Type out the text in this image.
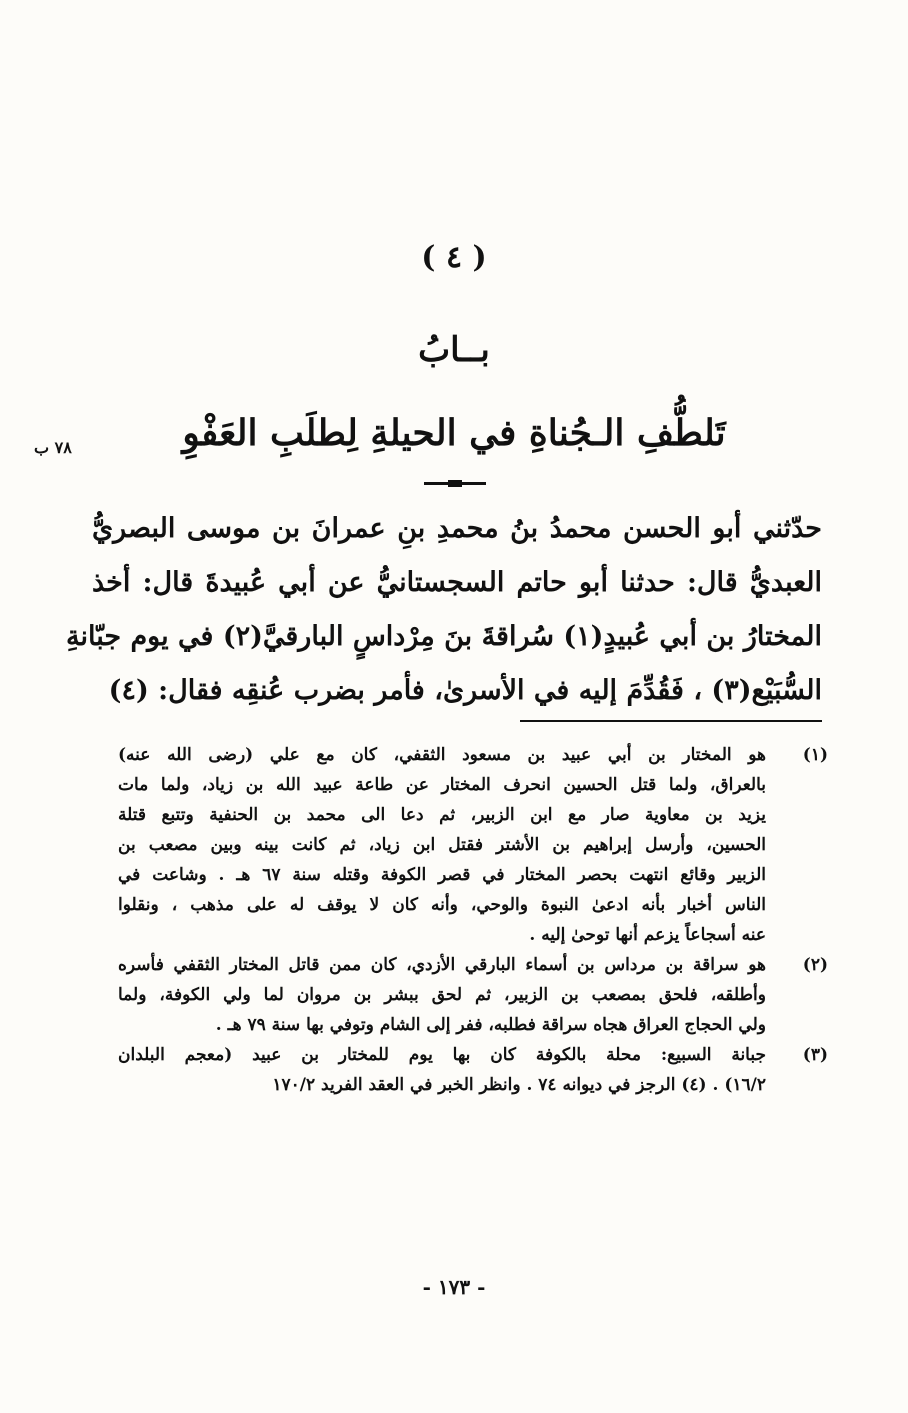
( ٤ )
بــابُ
تَلطُّفِ الـجُناةِ في الحيلةِ لِطلَبِ العَفْوِ
٧٨ ب
حدّثني أبو الحسن محمدُ بنُ محمدِ بنِ عمرانَ بن موسى البصريُّ
العبديُّ قال: حدثنا أبو حاتم السجستانيُّ عن أبي عُبيدةَ قال: أخذ
المختارُ بن أبي عُبيدٍ(١) سُراقةَ بنَ مِرْداسٍ البارقيَّ(٢) في يوم جبّانةِ
السُّبَيْع(٣) ، فَقُدِّمَ إليه في الأسرىٰ، فأمر بضرب عُنقِه فقال: (٤)
(١)
هو المختار بن أبي عبيد بن مسعود الثقفي، كان مع علي (رضى الله عنه)
بالعراق، ولما قتل الحسين انحرف المختار عن طاعة عبيد الله بن زياد، ولما مات
يزيد بن معاوية صار مع ابن الزبير، ثم دعا الى محمد بن الحنفية وتتبع قتلة
الحسين، وأرسل إبراهيم بن الأشتر فقتل ابن زياد، ثم كانت بينه وبين مصعب بن
الزبير وقائع انتهت بحصر المختار في قصر الكوفة وقتله سنة ٦٧ هـ . وشاعت في
الناس أخبار بأنه ادعىٰ النبوة والوحي، وأنه كان لا يوقف له على مذهب ، ونقلوا
عنه أسجاعاً يزعم أنها توحىٰ إليه .
(٢)
هو سراقة بن مرداس بن أسماء البارقي الأزدي، كان ممن قاتل المختار الثقفي فأسره
وأطلقه، فلحق بمصعب بن الزبير، ثم لحق ببشر بن مروان لما ولي الكوفة، ولما
ولي الحجاج العراق هجاه سراقة فطلبه، ففر إلى الشام وتوفي بها سنة ٧٩ هـ .
(٣)
جبانة السبيع: محلة بالكوفة كان بها يوم للمختار بن عبيد (معجم البلدان
١٦/٢) . (٤) الرجز في ديوانه ٧٤ . وانظر الخبر في العقد الفريد ١٧٠/٢
- ١٧٣ -
